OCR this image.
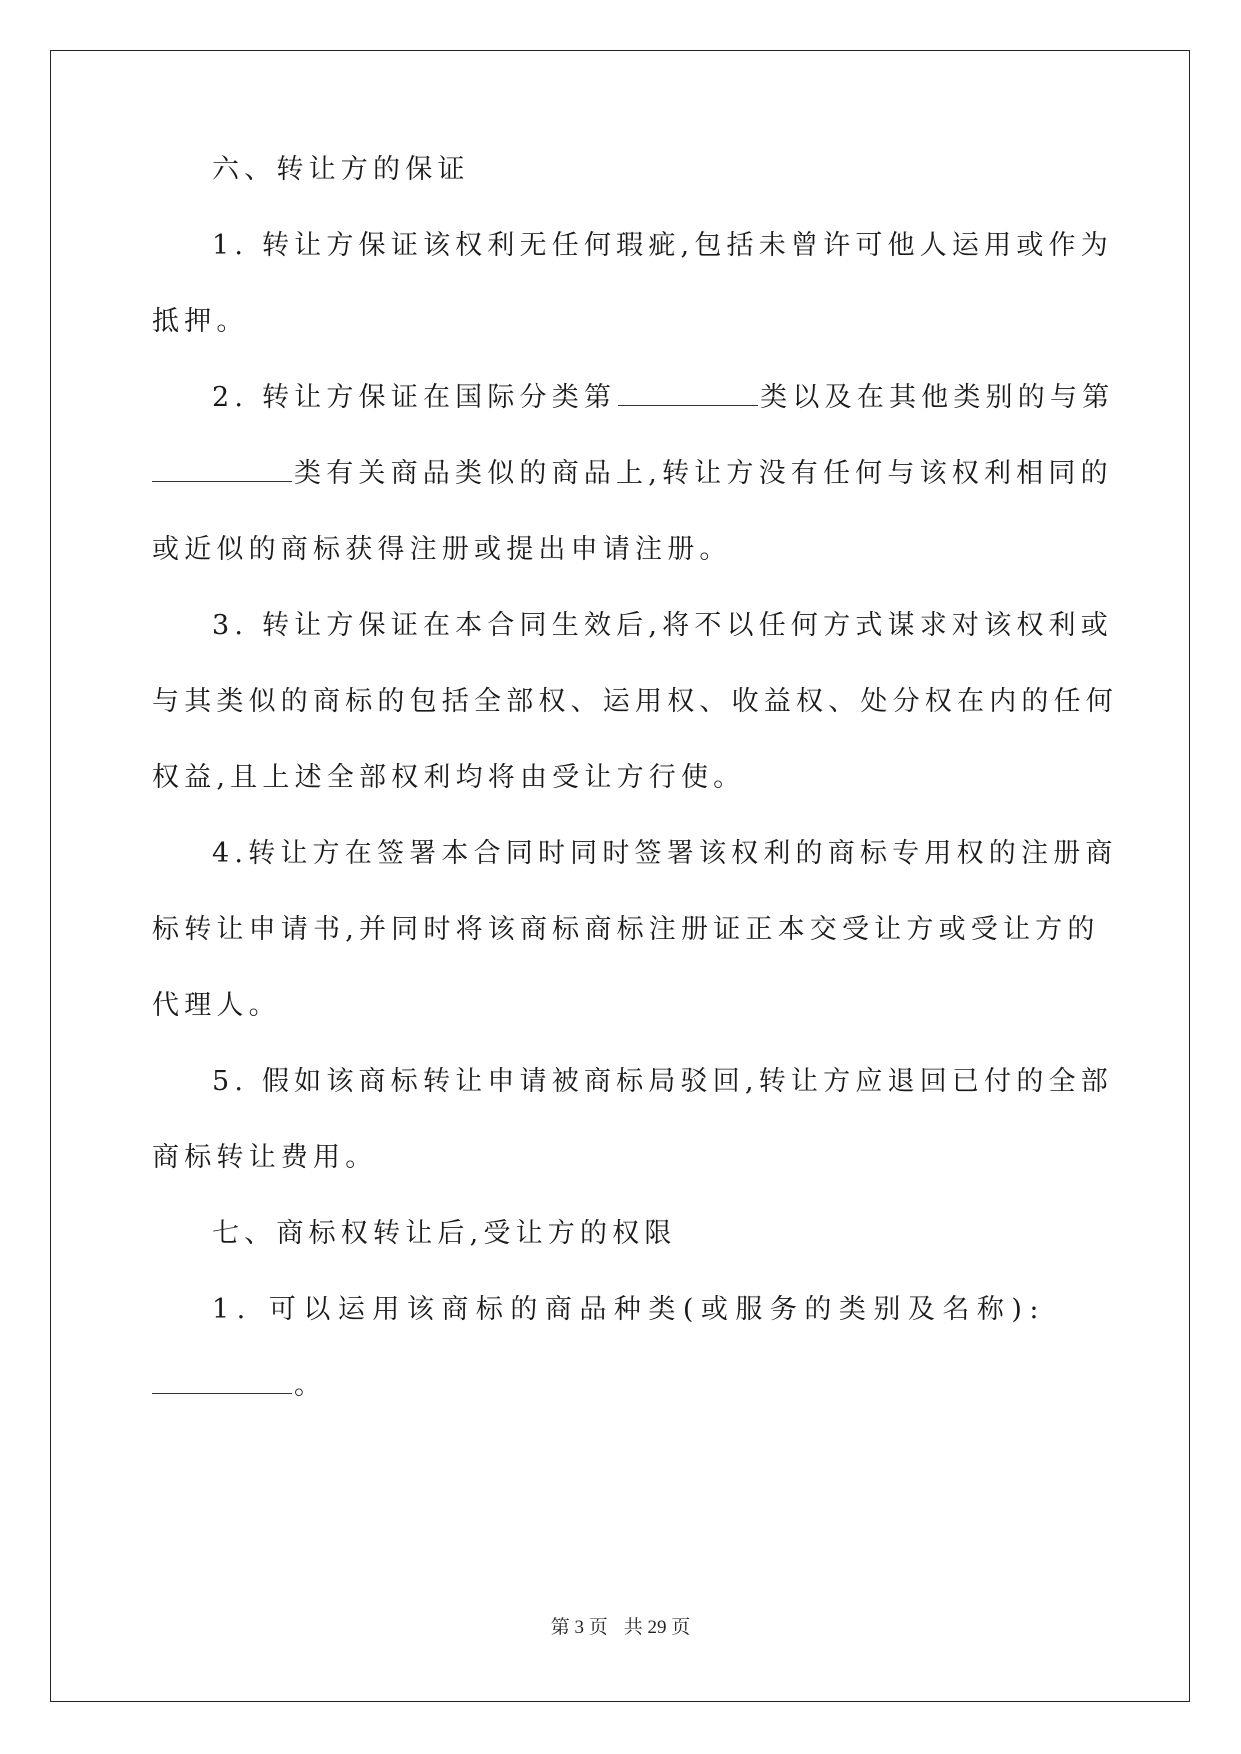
六、转让方的保证
1. 转让方保证该权利无任何瑕疵,包括未曾许可他人运用或作为
抵押。
2. 转让方保证在国际分类第	类以及在其他类别的与第
类有关商品类似的商品上,转让方没有任何与该权利相同的
或近似的商标获得注册或提出申请注册。
3. 转让方保证在本合同生效后,将不以任何方式谋求对该权利或
与其类似的商标的包括全部权、运用权、收益权、处分权在内的任何
权益,且上述全部权利均将由受让方行使。
4.转让方在签署本合同时同时签署该权利的商标专用权的注册商
标转让申请书,并同时将该商标商标注册证正本交受让方或受让方的
代理人。
5. 假如该商标转让申请被商标局驳回,转让方应退回已付的全部
商标转让费用。
七、商标权转让后,受让方的权限
1. 可以运用该商标的商品种类(或服务的类别及名称):
。
第 3 页 共 29 页
